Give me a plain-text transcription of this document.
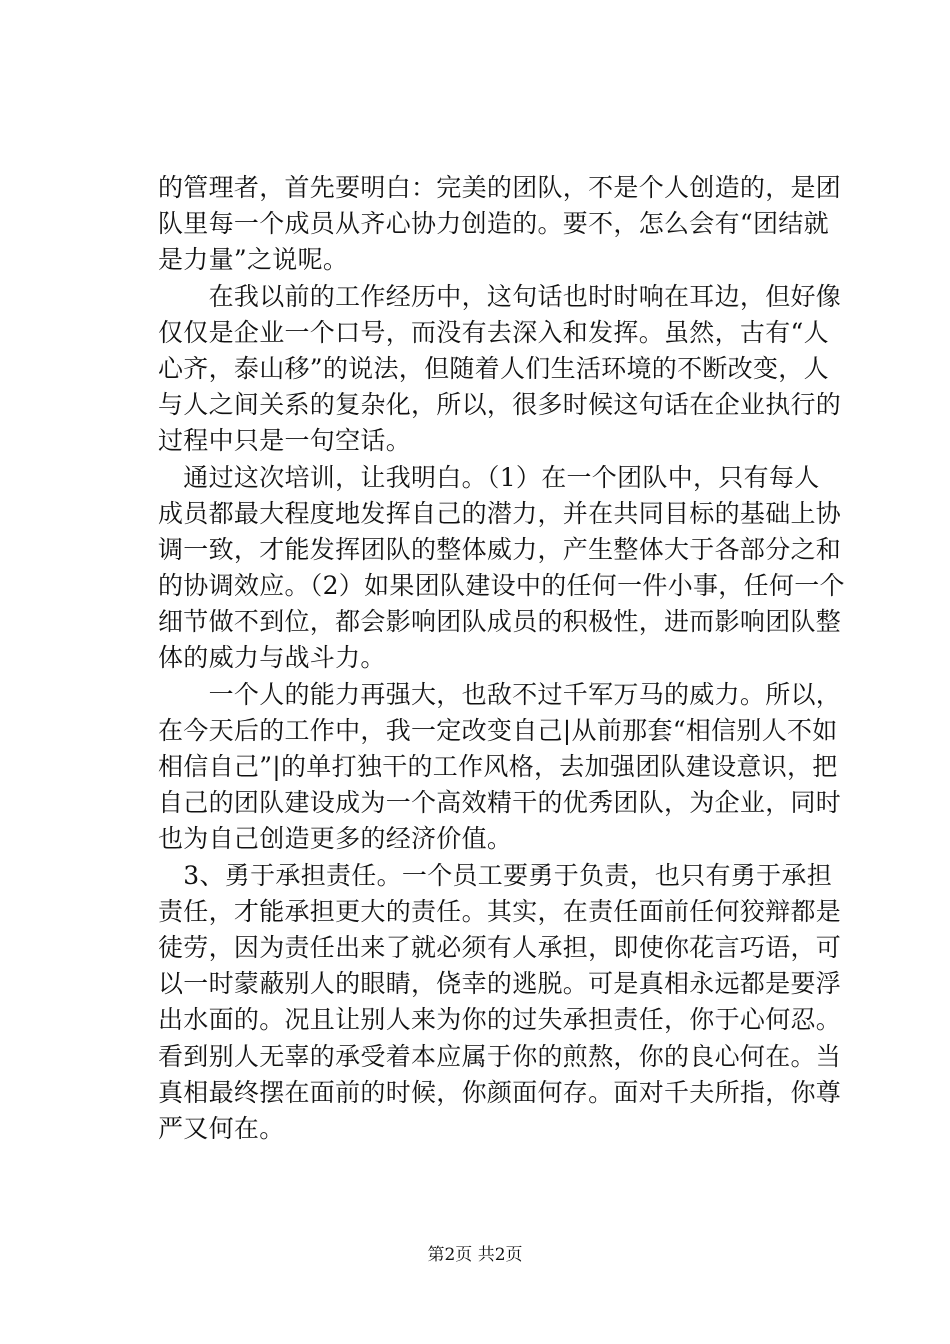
的管理者，首先要明白：完美的团队，不是个人创造的，是团
队里每一个成员从齐心协力创造的。要不，怎么会有“团结就
是力量”之说呢。
　　在我以前的工作经历中，这句话也时时响在耳边，但好像
仅仅是企业一个口号，而没有去深入和发挥。虽然，古有“人
心齐，泰山移”的说法，但随着人们生活环境的不断改变，人
与人之间关系的复杂化，所以，很多时候这句话在企业执行的
过程中只是一句空话。
　通过这次培训，让我明白。（1）在一个团队中，只有每人
成员都最大程度地发挥自己的潜力，并在共同目标的基础上协
调一致，才能发挥团队的整体威力，产生整体大于各部分之和
的协调效应。（2）如果团队建设中的任何一件小事，任何一个
细节做不到位，都会影响团队成员的积极性，进而影响团队整
体的威力与战斗力。
　　一个人的能力再强大，也敌不过千军万马的威力。所以，
在今天后的工作中，我一定改变自己|从前那套“相信别人不如
相信自己”|的单打独干的工作风格，去加强团队建设意识，把
自己的团队建设成为一个高效精干的优秀团队，为企业，同时
也为自己创造更多的经济价值。
　3、勇于承担责任。一个员工要勇于负责，也只有勇于承担
责任，才能承担更大的责任。其实，在责任面前任何狡辩都是
徒劳，因为责任出来了就必须有人承担，即使你花言巧语，可
以一时蒙蔽别人的眼睛，侥幸的逃脱。可是真相永远都是要浮
出水面的。况且让别人来为你的过失承担责任，你于心何忍。
看到别人无辜的承受着本应属于你的煎熬，你的良心何在。当
真相最终摆在面前的时候，你颜面何存。面对千夫所指，你尊
严又何在。
第2页 共2页
